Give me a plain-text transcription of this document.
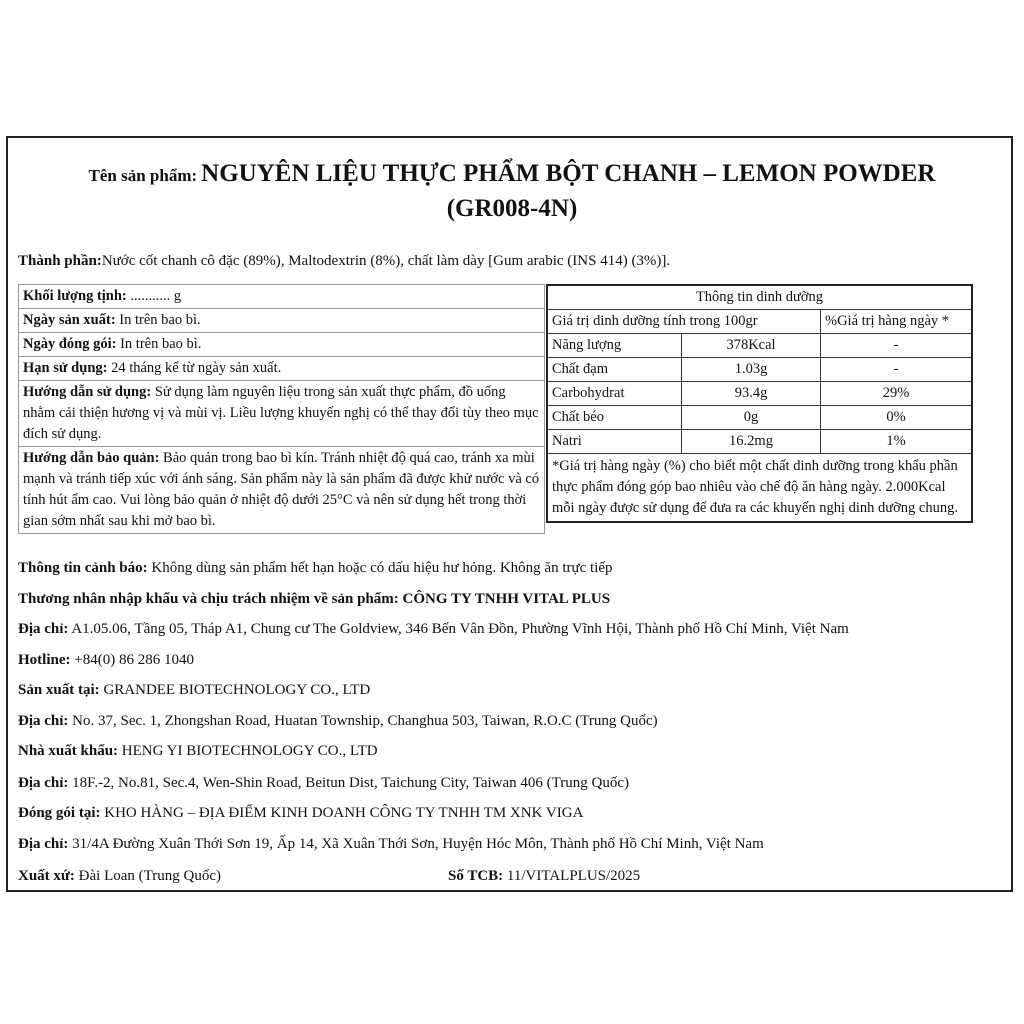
Tên sản phẩm: NGUYÊN LIỆU THỰC PHẨM BỘT CHANH – LEMON POWDER
(GR008-4N)
Thành phần:Nước cốt chanh cô đặc (89%), Maltodextrin (8%), chất làm dày [Gum arabic (INS 414) (3%)].
Khối lượng tịnh: ........... g
Ngày sản xuất: In trên bao bì.
Ngày đóng gói: In trên bao bì.
Hạn sử dụng: 24 tháng kể từ ngày sản xuất.
Hướng dẫn sử dụng: Sử dụng làm nguyên liệu trong sản xuất thực phẩm, đồ uống nhằm cải thiện hương vị và mùi vị. Liều lượng khuyến nghị có thể thay đổi tùy theo mục đích sử dụng.
Hướng dẫn bảo quản: Bảo quản trong bao bì kín. Tránh nhiệt độ quá cao, tránh xa mùi mạnh và tránh tiếp xúc với ánh sáng. Sản phẩm này là sản phẩm đã được khử nước và có tính hút ẩm cao. Vui lòng bảo quản ở nhiệt độ dưới 25°C và nên sử dụng hết trong thời gian sớm nhất sau khi mở bao bì.
Thông tin dinh dưỡng		
Giá trị dinh dưỡng tính trong 100gr		%Giá trị hàng ngày *
Năng lượng	378Kcal	-
Chất đạm	1.03g	-
Carbohydrat	93.4g	29%
Chất béo	0g	0%
Natri	16.2mg	1%
*Giá trị hàng ngày (%) cho biết một chất dinh dưỡng trong khẩu phần thực phẩm đóng góp bao nhiêu vào chế độ ăn hàng ngày. 2.000Kcal mỗi ngày được sử dụng để đưa ra các khuyến nghị dinh dưỡng chung.		
Thông tin cảnh báo: Không dùng sản phẩm hết hạn hoặc có dấu hiệu hư hỏng. Không ăn trực tiếp
Thương nhân nhập khẩu và chịu trách nhiệm về sản phẩm: CÔNG TY TNHH VITAL PLUS
Địa chỉ: A1.05.06, Tầng 05, Tháp A1, Chung cư The Goldview, 346 Bến Vân Đồn, Phường Vĩnh Hội, Thành phố Hồ Chí Minh, Việt Nam
Hotline: +84(0) 86 286 1040
Sản xuất tại: GRANDEE BIOTECHNOLOGY CO., LTD
Địa chỉ: No. 37, Sec. 1, Zhongshan Road, Huatan Township, Changhua 503, Taiwan, R.O.C (Trung Quốc)
Nhà xuất khẩu: HENG YI BIOTECHNOLOGY CO., LTD
Địa chỉ: 18F.-2, No.81, Sec.4, Wen-Shin Road, Beitun Dist, Taichung City, Taiwan 406 (Trung Quốc)
Đóng gói tại: KHO HÀNG – ĐỊA ĐIỂM KINH DOANH CÔNG TY TNHH TM XNK VIGA
Địa chỉ: 31/4A Đường Xuân Thới Sơn 19, Ấp 14, Xã Xuân Thới Sơn, Huyện Hóc Môn, Thành phố Hồ Chí Minh, Việt Nam
Xuất xứ: Đài Loan (Trung Quốc)	Số TCB: 11/VITALPLUS/2025
